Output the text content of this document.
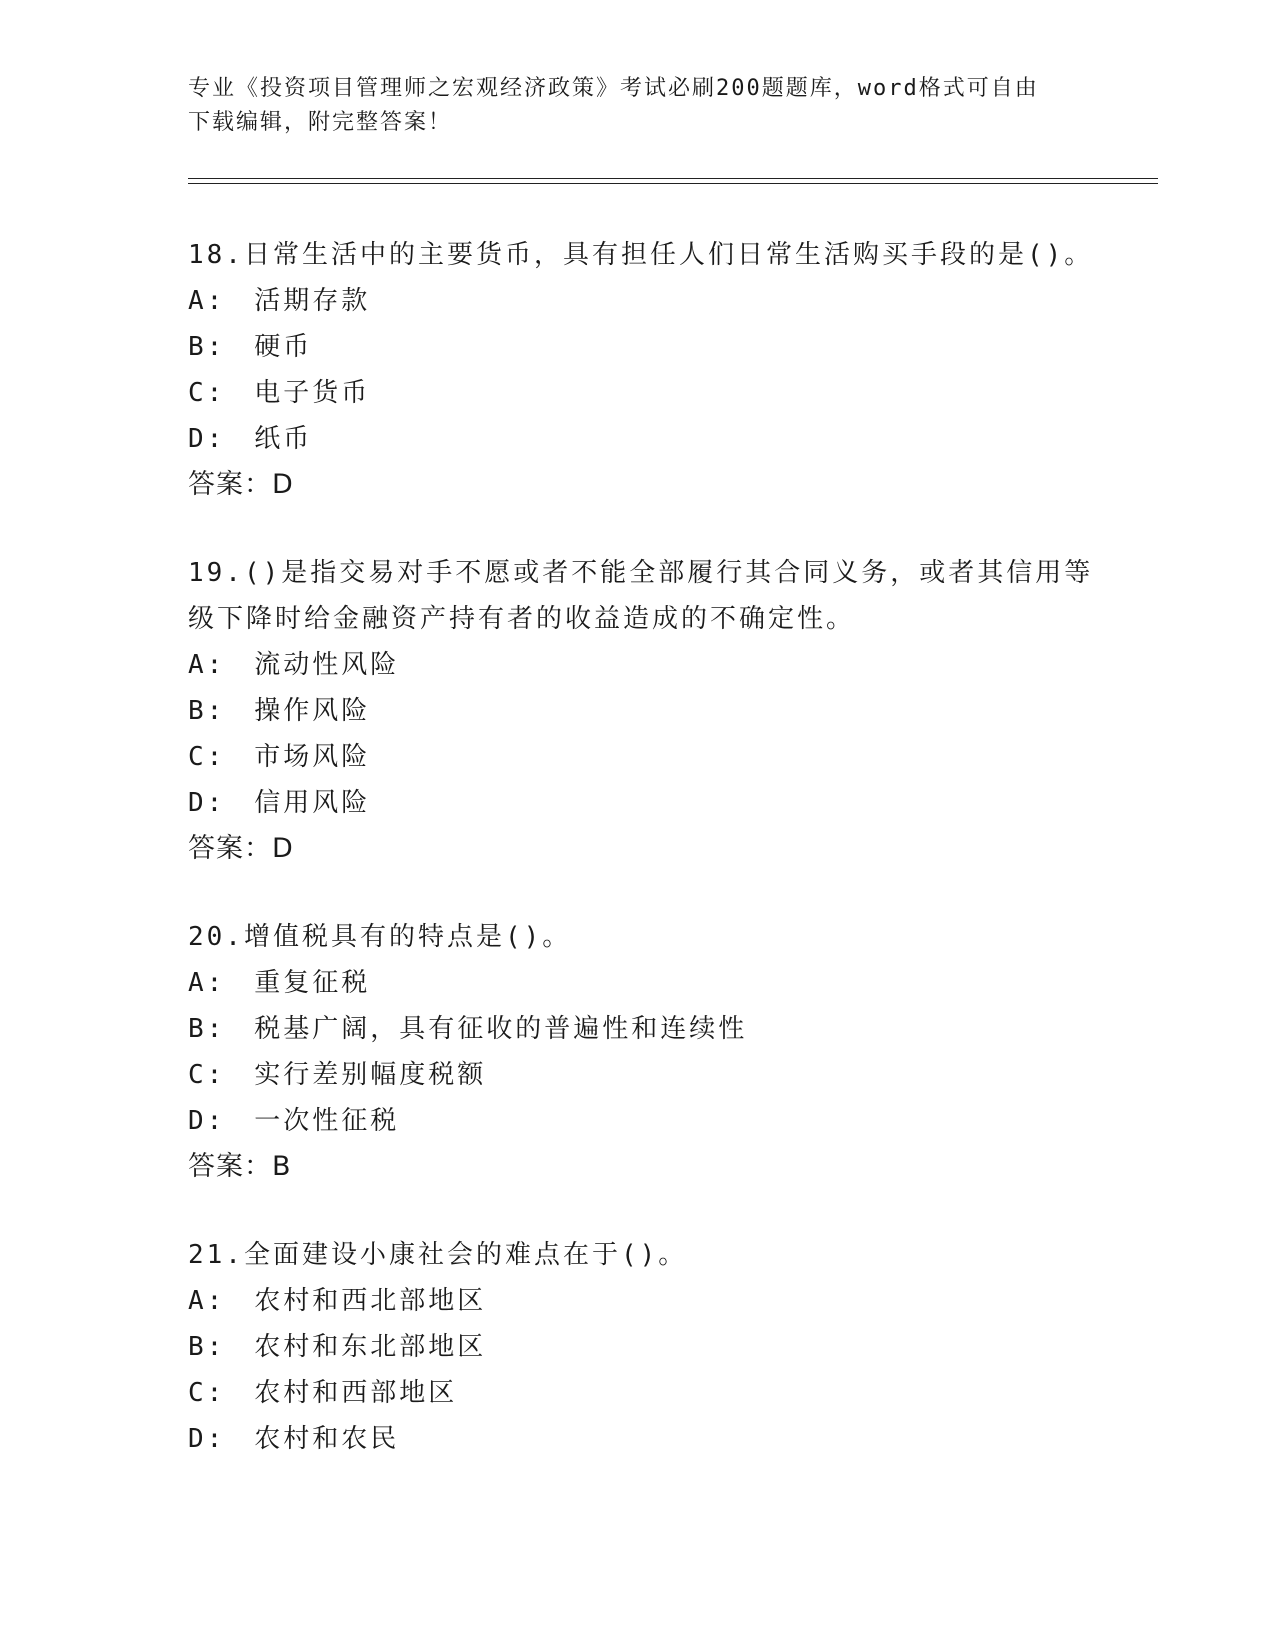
专业《投资项目管理师之宏观经济政策》考试必刷200题题库，word格式可自由
下载编辑，附完整答案！

18.日常生活中的主要货币，具有担任人们日常生活购买手段的是()。

A:　活期存款

B:　硬币

C:　电子货币

D:　纸币

答案：D

19.()是指交易对手不愿或者不能全部履行其合同义务，或者其信用等
级下降时给金融资产持有者的收益造成的不确定性。

A:　流动性风险

B:　操作风险

C:　市场风险

D:　信用风险

答案：D

20.增值税具有的特点是()。

A:　重复征税

B:　税基广阔，具有征收的普遍性和连续性

C:　实行差别幅度税额

D:　一次性征税

答案：B

21.全面建设小康社会的难点在于()。

A:　农村和西北部地区

B:　农村和东北部地区

C:　农村和西部地区

D:　农村和农民
